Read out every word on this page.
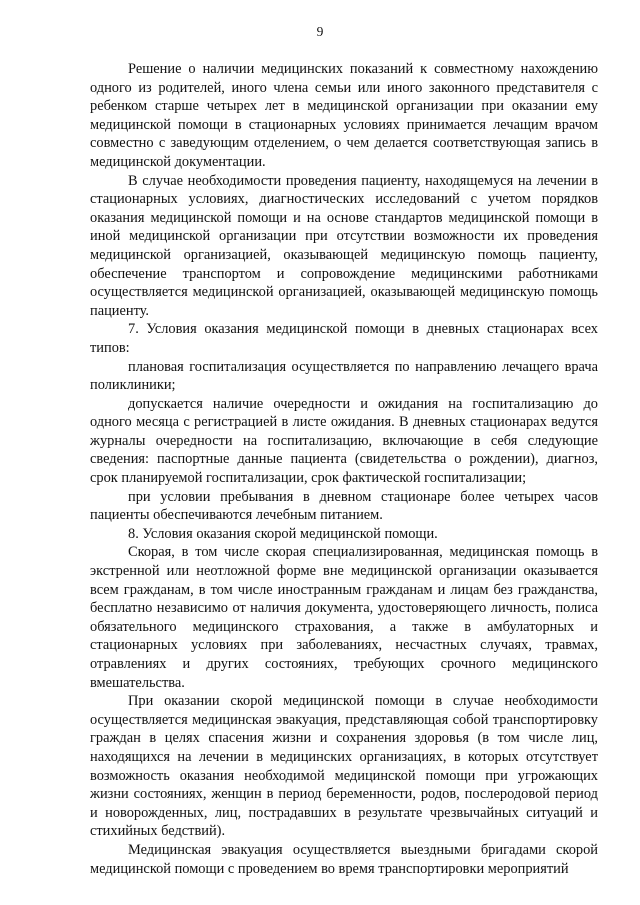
9

Решение о наличии медицинских показаний к совместному нахождению одного из родителей, иного члена семьи или иного законного представителя с ребенком старше четырех лет в медицинской организации при оказании ему медицинской помощи в стационарных условиях принимается лечащим врачом совместно с заведующим отделением, о чем делается соответствующая запись в медицинской документации.

В случае необходимости проведения пациенту, находящемуся на лечении в стационарных условиях, диагностических исследований с учетом порядков оказания медицинской помощи и на основе стандартов медицинской помощи в иной медицинской организации при отсутствии возможности их проведения медицинской организацией, оказывающей медицинскую помощь пациенту, обеспечение транспортом и сопровождение медицинскими работниками осуществляется медицинской организацией, оказывающей медицинскую помощь пациенту.

7. Условия оказания медицинской помощи в дневных стационарах всех типов:

плановая госпитализация осуществляется по направлению лечащего врача поликлиники;

допускается наличие очередности и ожидания на госпитализацию до одного месяца с регистрацией в листе ожидания. В дневных стационарах ведутся журналы очередности на госпитализацию, включающие в себя следующие сведения: паспортные данные пациента (свидетельства о рождении), диагноз, срок планируемой госпитализации, срок фактической госпитализации;

при условии пребывания в дневном стационаре более четырех часов пациенты обеспечиваются лечебным питанием.

8. Условия оказания скорой медицинской помощи.

Скорая, в том числе скорая специализированная, медицинская помощь в экстренной или неотложной форме вне медицинской организации оказывается всем гражданам, в том числе иностранным гражданам и лицам без гражданства, бесплатно независимо от наличия документа, удостоверяющего личность, полиса обязательного медицинского страхования, а также в амбулаторных и стационарных условиях при заболеваниях, несчастных случаях, травмах, отравлениях и других состояниях, требующих срочного медицинского вмешательства.

При оказании скорой медицинской помощи в случае необходимости осуществляется медицинская эвакуация, представляющая собой транспортировку граждан в целях спасения жизни и сохранения здоровья (в том числе лиц, находящихся на лечении в медицинских организациях, в которых отсутствует возможность оказания необходимой медицинской помощи при угрожающих жизни состояниях, женщин в период беременности, родов, послеродовой период и новорожденных, лиц, пострадавших в результате чрезвычайных ситуаций и стихийных бедствий).

Медицинская эвакуация осуществляется выездными бригадами скорой медицинской помощи с проведением во время транспортировки мероприятий
